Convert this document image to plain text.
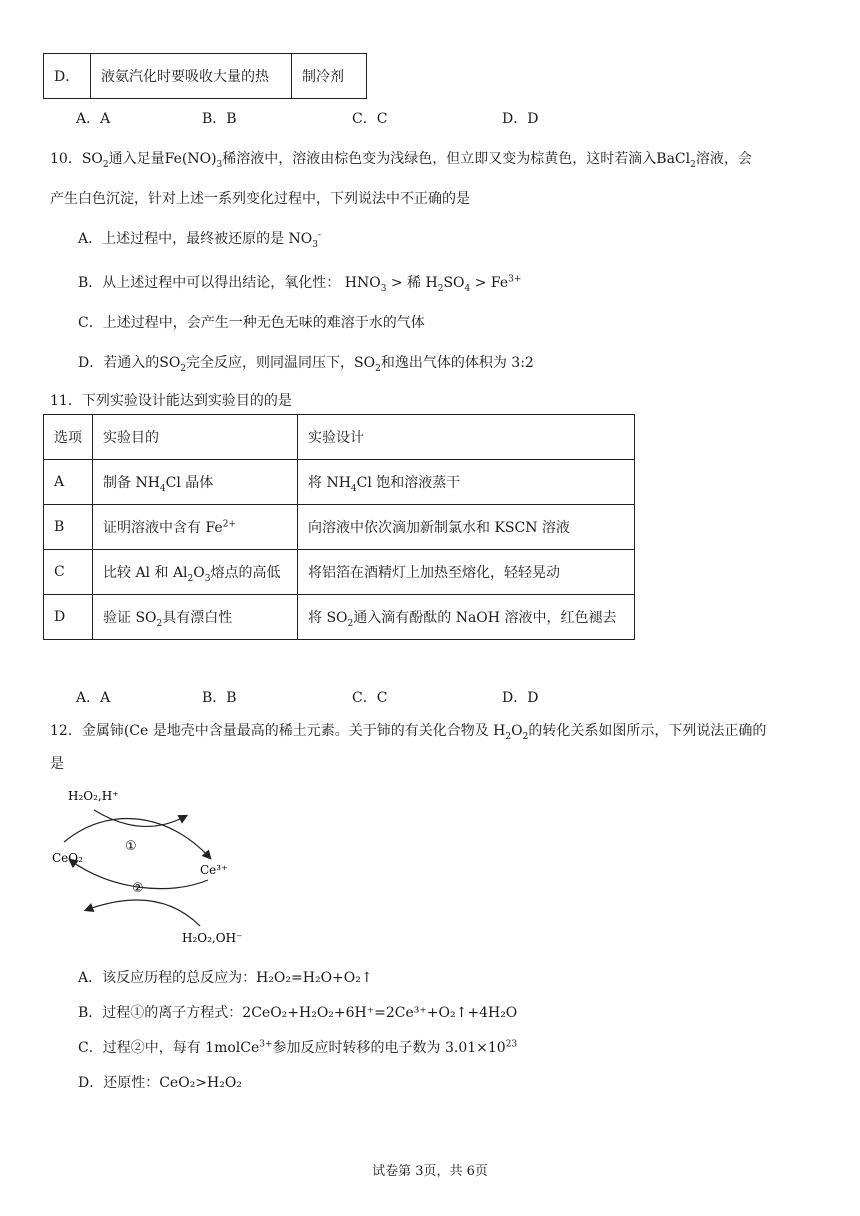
D．	液氨汽化时要吸收大量的热	制冷剂
A．A	B．B	C．C	D．D
10．$SO_2$通入足量$Fe(NO)_3$稀溶液中，溶液由棕色变为浅绿色，但立即又变为棕黄色，这时若滴入BaCl$_2$溶液，会
产生白色沉淀，针对上述一系列变化过程中，下列说法中不正确的是
A．上述过程中，最终被还原的是 $NO_3^-$
B．从上述过程中可以得出结论，氧化性： $HNO_3$ > 稀 $H_2SO_4 > Fe^{3+}$
C．上述过程中，会产生一种无色无味的难溶于水的气体
D．若通入的$SO_2$完全反应，则同温同压下，$SO_2$和逸出气体的体积为 3:2
11．下列实验设计能达到实验目的的是
选项	实验目的	实验设计
A	制备 $NH_4Cl$ 晶体	将 $NH_4Cl$ 饱和溶液蒸干
B	证明溶液中含有 $Fe^{2+}$	向溶液中依次滴加新制氯水和 KSCN 溶液
C	比较 Al 和 $Al_2O_3$熔点的高低	将铝箔在酒精灯上加热至熔化，轻轻晃动
D	验证 $SO_2$具有漂白性	将 $SO_2$通入滴有酚酞的 NaOH 溶液中，红色褪去
A．A	B．B	C．C	D．D
12．金属铈(Ce 是地壳中含量最高的稀土元素。关于铈的有关化合物及 $H_2O_2$的转化关系如图所示，下列说法正确的
是
H₂O₂,H⁺
CeO₂
Ce³⁺
①
②
H₂O₂,OH⁻
A．该反应历程的总反应为：H₂O₂=H₂O+O₂↑
B．过程①的离子方程式：2CeO₂+H₂O₂+6H⁺=2Ce³⁺+O₂↑+4H₂O
C．过程②中，每有 1molCe$^{3+}$参加反应时转移的电子数为 $3.01\times 10^{23}$
D．还原性：CeO₂>H₂O₂
试卷第 3页，共 6页
